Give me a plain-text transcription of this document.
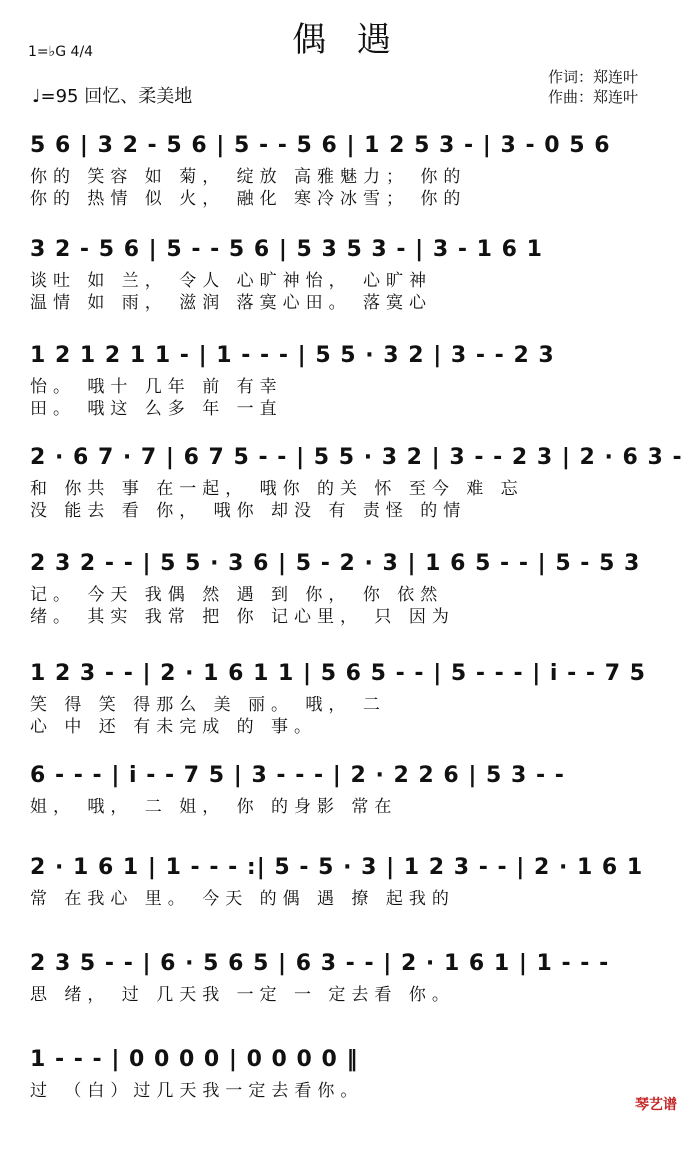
偶 遇
1=♭G 4/4
♩=95 回忆、柔美地
作词：郑连叶
作曲：郑连叶
5 6 | 3 2 - 5 6 | 5 - - 5 6 | 1 2 5 3 - | 3 - 0 5 6
你的 笑容 如 菊， 绽放 高雅魅力； 你的
你的 热情 似 火， 融化 寒冷冰雪； 你的
3 2 - 5 6 | 5 - - 5 6 | 5 3 5 3 - | 3 - 1 6 1
谈吐 如 兰， 令人 心旷神怡， 心旷神
温情 如 雨， 滋润 落寞心田。 落寞心
1 2 1 2 1 1 - | 1 - - - | 5 5 · 3 2 | 3 - - 2 3
怡。 哦十 几年 前 有幸
田。 哦这 么多 年 一直
2 · 6 7 · 7 | 6 7 5 - - | 5 5 · 3 2 | 3 - - 2 3 | 2 · 6 3 -
和 你共 事 在一起， 哦你 的关 怀 至今 难 忘
没 能去 看 你， 哦你 却没 有 责怪 的情
2 3 2 - - | 5 5 · 3 6 | 5 - 2 · 3 | 1 6 5 - - | 5 - 5 3
记。 今天 我偶 然 遇 到 你， 你 依然
绪。 其实 我常 把 你 记心里， 只 因为
1 2 3 - - | 2 · 1 6 1 1 | 5 6 5 - - | 5 - - - | i - - 7 5
笑 得 笑 得那么 美 丽。 哦， 二
心 中 还 有未完成 的 事。
6 - - - | i - - 7 5 | 3 - - - | 2 · 2 2 6 | 5 3 - -
姐， 哦， 二 姐， 你 的身影 常在
2 · 1 6 1 | 1 - - - :| 5 - 5 · 3 | 1 2 3 - - | 2 · 1 6 1
常 在我心 里。 今天 的偶 遇 撩 起我的
2 3 5 - - | 6 · 5 6 5 | 6 3 - - | 2 · 1 6 1 | 1 - - -
思 绪， 过 几天我 一定 一 定去看 你。
1 - - - | 0 0 0 0 | 0 0 0 0 ‖
过 （白）过几天我一定去看你。
琴艺谱
